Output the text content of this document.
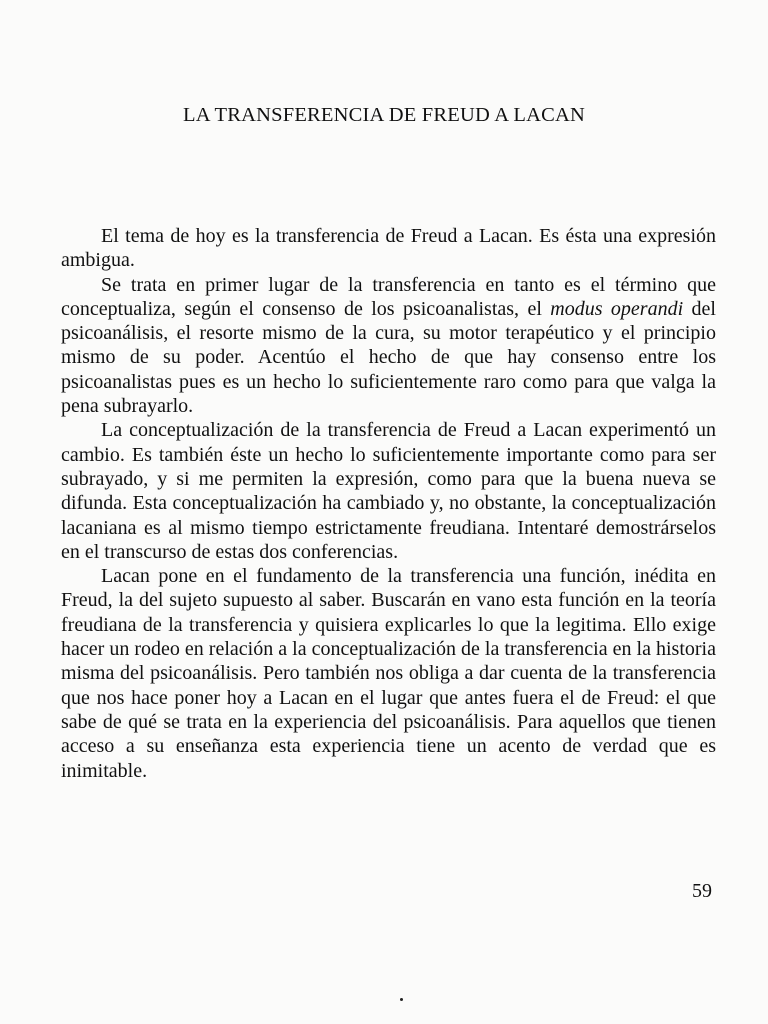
LA TRANSFERENCIA DE FREUD A LACAN

El tema de hoy es la transferencia de Freud a Lacan. Es ésta una expresión ambigua.

Se trata en primer lugar de la transferencia en tanto es el término que conceptualiza, según el consenso de los psicoanalistas, el modus operandi del psicoanálisis, el resorte mismo de la cura, su motor terapéutico y el principio mismo de su poder. Acentúo el hecho de que hay consenso entre los psicoanalistas pues es un hecho lo suficientemente raro como para que valga la pena subrayarlo.

La conceptualización de la transferencia de Freud a Lacan experimentó un cambio. Es también éste un hecho lo suficientemente importante como para ser subrayado, y si me permiten la expresión, como para que la buena nueva se difunda. Esta conceptualización ha cambiado y, no obstante, la conceptualización lacaniana es al mismo tiempo estrictamente freudiana. Intentaré demostrárselos en el transcurso de estas dos conferencias.

Lacan pone en el fundamento de la transferencia una función, inédita en Freud, la del sujeto supuesto al saber. Buscarán en vano esta función en la teoría freudiana de la transferencia y quisiera explicarles lo que la legitima. Ello exige hacer un rodeo en relación a la conceptualización de la transferencia en la historia misma del psicoanálisis. Pero también nos obliga a dar cuenta de la transferencia que nos hace poner hoy a Lacan en el lugar que antes fuera el de Freud: el que sabe de qué se trata en la experiencia del psicoanálisis. Para aquellos que tienen acceso a su enseñanza esta experiencia tiene un acento de verdad que es inimitable.

59
